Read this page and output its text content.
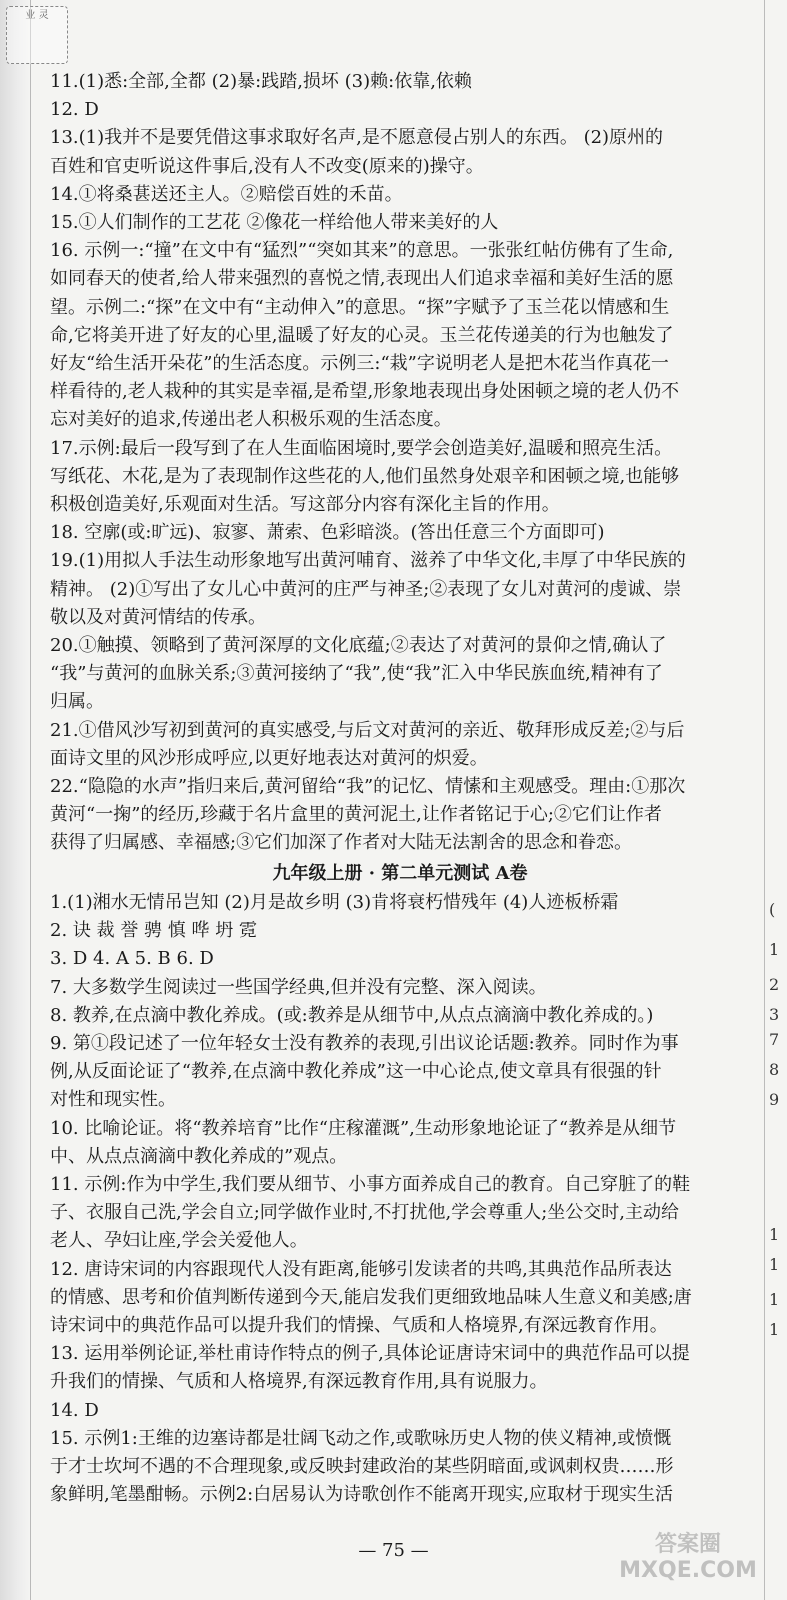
业 灵
(
1
2
3
7
8
9
1
1
1
1

11.(1)悉:全部,全都 (2)暴:践踏,损坏 (3)赖:依靠,依赖

12. D

13.(1)我并不是要凭借这事求取好名声,是不愿意侵占别人的东西。 (2)原州的

百姓和官吏听说这件事后,没有人不改变(原来的)操守。

14.①将桑葚送还主人。②赔偿百姓的禾苗。

15.①人们制作的工艺花 ②像花一样给他人带来美好的人

16. 示例一:“撞”在文中有“猛烈”“突如其来”的意思。一张张红帖仿佛有了生命,

如同春天的使者,给人带来强烈的喜悦之情,表现出人们追求幸福和美好生活的愿

望。示例二:“探”在文中有“主动伸入”的意思。“探”字赋予了玉兰花以情感和生

命,它将美开进了好友的心里,温暖了好友的心灵。玉兰花传递美的行为也触发了

好友“给生活开朵花”的生活态度。示例三:“栽”字说明老人是把木花当作真花一

样看待的,老人栽种的其实是幸福,是希望,形象地表现出身处困顿之境的老人仍不

忘对美好的追求,传递出老人积极乐观的生活态度。

17.示例:最后一段写到了在人生面临困境时,要学会创造美好,温暖和照亮生活。

写纸花、木花,是为了表现制作这些花的人,他们虽然身处艰辛和困顿之境,也能够

积极创造美好,乐观面对生活。写这部分内容有深化主旨的作用。

18. 空廓(或:旷远)、寂寥、萧索、色彩暗淡。(答出任意三个方面即可)

19.(1)用拟人手法生动形象地写出黄河哺育、滋养了中华文化,丰厚了中华民族的

精神。 (2)①写出了女儿心中黄河的庄严与神圣;②表现了女儿对黄河的虔诚、崇

敬以及对黄河情结的传承。

20.①触摸、领略到了黄河深厚的文化底蕴;②表达了对黄河的景仰之情,确认了

“我”与黄河的血脉关系;③黄河接纳了“我”,使“我”汇入中华民族血统,精神有了

归属。

21.①借风沙写初到黄河的真实感受,与后文对黄河的亲近、敬拜形成反差;②与后

面诗文里的风沙形成呼应,以更好地表达对黄河的炽爱。

22.“隐隐的水声”指归来后,黄河留给“我”的记忆、情愫和主观感受。理由:①那次

黄河“一掬”的经历,珍藏于名片盒里的黄河泥土,让作者铭记于心;②它们让作者

获得了归属感、幸福感;③它们加深了作者对大陆无法割舍的思念和眷恋。

九年级上册 · 第二单元测试 A卷

1.(1)湘水无情吊岂知 (2)月是故乡明 (3)肯将衰朽惜残年 (4)人迹板桥霜

2. 诀 裁 誉 骋 慎 哗 坍 霓

3. D 4. A 5. B 6. D

7. 大多数学生阅读过一些国学经典,但并没有完整、深入阅读。

8. 教养,在点滴中教化养成。(或:教养是从细节中,从点点滴滴中教化养成的。)

9. 第①段记述了一位年轻女士没有教养的表现,引出议论话题:教养。同时作为事

例,从反面论证了“教养,在点滴中教化养成”这一中心论点,使文章具有很强的针

对性和现实性。

10. 比喻论证。将“教养培育”比作“庄稼灌溉”,生动形象地论证了“教养是从细节

中、从点点滴滴中教化养成的”观点。

11. 示例:作为中学生,我们要从细节、小事方面养成自己的教育。自己穿脏了的鞋

子、衣服自己洗,学会自立;同学做作业时,不打扰他,学会尊重人;坐公交时,主动给

老人、孕妇让座,学会关爱他人。

12. 唐诗宋词的内容跟现代人没有距离,能够引发读者的共鸣,其典范作品所表达

的情感、思考和价值判断传递到今天,能启发我们更细致地品味人生意义和美感;唐

诗宋词中的典范作品可以提升我们的情操、气质和人格境界,有深远教育作用。

13. 运用举例论证,举杜甫诗作特点的例子,具体论证唐诗宋词中的典范作品可以提

升我们的情操、气质和人格境界,有深远教育作用,具有说服力。

14. D

15. 示例1:王维的边塞诗都是壮阔飞动之作,或歌咏历史人物的侠义精神,或愤慨

于才士坎坷不遇的不合理现象,或反映封建政治的某些阴暗面,或讽刺权贵……形

象鲜明,笔墨酣畅。示例2:白居易认为诗歌创作不能离开现实,应取材于现实生活

— 75 —	答案圈 MXQE.COM
